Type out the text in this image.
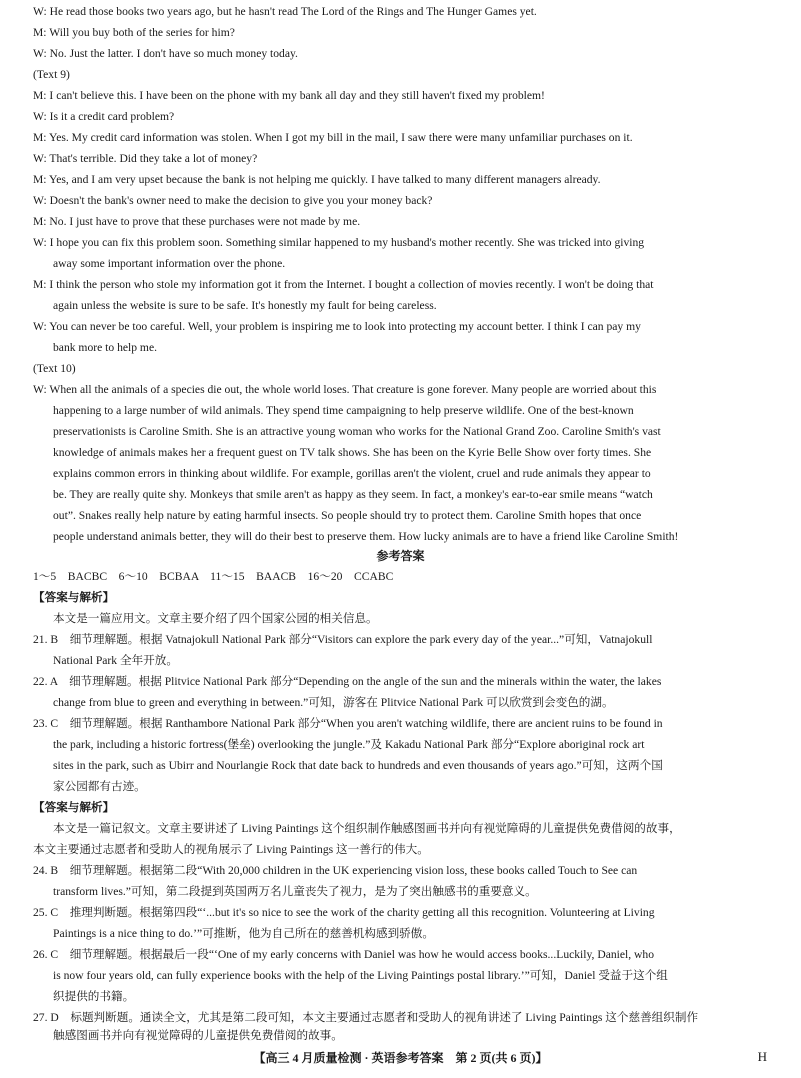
W: He read those books two years ago, but he hasn't read The Lord of the Rings and The Hunger Games yet.
M: Will you buy both of the series for him?
W: No. Just the latter. I don't have so much money today.
(Text 9)
M: I can't believe this. I have been on the phone with my bank all day and they still haven't fixed my problem!
W: Is it a credit card problem?
M: Yes. My credit card information was stolen. When I got my bill in the mail, I saw there were many unfamiliar purchases on it.
W: That's terrible. Did they take a lot of money?
M: Yes, and I am very upset because the bank is not helping me quickly. I have talked to many different managers already.
W: Doesn't the bank's owner need to make the decision to give you your money back?
M: No. I just have to prove that these purchases were not made by me.
W: I hope you can fix this problem soon. Something similar happened to my husband's mother recently. She was tricked into giving
away some important information over the phone.
M: I think the person who stole my information got it from the Internet. I bought a collection of movies recently. I won't be doing that
again unless the website is sure to be safe. It's honestly my fault for being careless.
W: You can never be too careful. Well, your problem is inspiring me to look into protecting my account better. I think I can pay my
bank more to help me.
(Text 10)
W: When all the animals of a species die out, the whole world loses. That creature is gone forever. Many people are worried about this
happening to a large number of wild animals. They spend time campaigning to help preserve wildlife. One of the best-known
preservationists is Caroline Smith. She is an attractive young woman who works for the National Grand Zoo. Caroline Smith's vast
knowledge of animals makes her a frequent guest on TV talk shows. She has been on the Kyrie Belle Show over forty times. She
explains common errors in thinking about wildlife. For example, gorillas aren't the violent, cruel and rude animals they appear to
be. They are really quite shy. Monkeys that smile aren't as happy as they seem. In fact, a monkey's ear-to-ear smile means “watch
out”. Snakes really help nature by eating harmful insects. So people should try to protect them. Caroline Smith hopes that once
people understand animals better, they will do their best to preserve them. How lucky animals are to have a friend like Caroline Smith!
参考答案
1～5　BACBC　6～10　BCBAA　11～15　BAACB　16～20　CCABC
【答案与解析】
本文是一篇应用文。文章主要介绍了四个国家公园的相关信息。
21. B　细节理解题。根据 Vatnajokull National Park 部分“Visitors can explore the park every day of the year...”可知，Vatnajokull
National Park 全年开放。
22. A　细节理解题。根据 Plitvice National Park 部分“Depending on the angle of the sun and the minerals within the water, the lakes
change from blue to green and everything in between.”可知，游客在 Plitvice National Park 可以欣赏到会变色的湖。
23. C　细节理解题。根据 Ranthambore National Park 部分“When you aren't watching wildlife, there are ancient ruins to be found in
the park, including a historic fortress(堡垒) overlooking the jungle.”及 Kakadu National Park 部分“Explore aboriginal rock art
sites in the park, such as Ubirr and Nourlangie Rock that date back to hundreds and even thousands of years ago.”可知，这两个国
家公园都有古迹。
【答案与解析】
本文是一篇记叙文。文章主要讲述了 Living Paintings 这个组织制作触感图画书并向有视觉障碍的儿童提供免费借阅的故事，
本文主要通过志愿者和受助人的视角展示了 Living Paintings 这一善行的伟大。
24. B　细节理解题。根据第二段“With 20,000 children in the UK experiencing vision loss, these books called Touch to See can
transform lives.”可知，第二段提到英国两万名儿童丧失了视力，是为了突出触感书的重要意义。
25. C　推理判断题。根据第四段“‘...but it's so nice to see the work of the charity getting all this recognition. Volunteering at Living
Paintings is a nice thing to do.’”可推断，他为自己所在的慈善机构感到骄傲。
26. C　细节理解题。根据最后一段“‘One of my early concerns with Daniel was how he would access books...Luckily, Daniel, who
is now four years old, can fully experience books with the help of the Living Paintings postal library.’”可知，Daniel 受益于这个组
织提供的书籍。
27. D　标题判断题。通读全文，尤其是第二段可知，本文主要通过志愿者和受助人的视角讲述了 Living Paintings 这个慈善组织制作
触感图画书并向有视觉障碍的儿童提供免费借阅的故事。
【高三 4 月质量检测 · 英语参考答案　第 2 页(共 6 页)】	H
